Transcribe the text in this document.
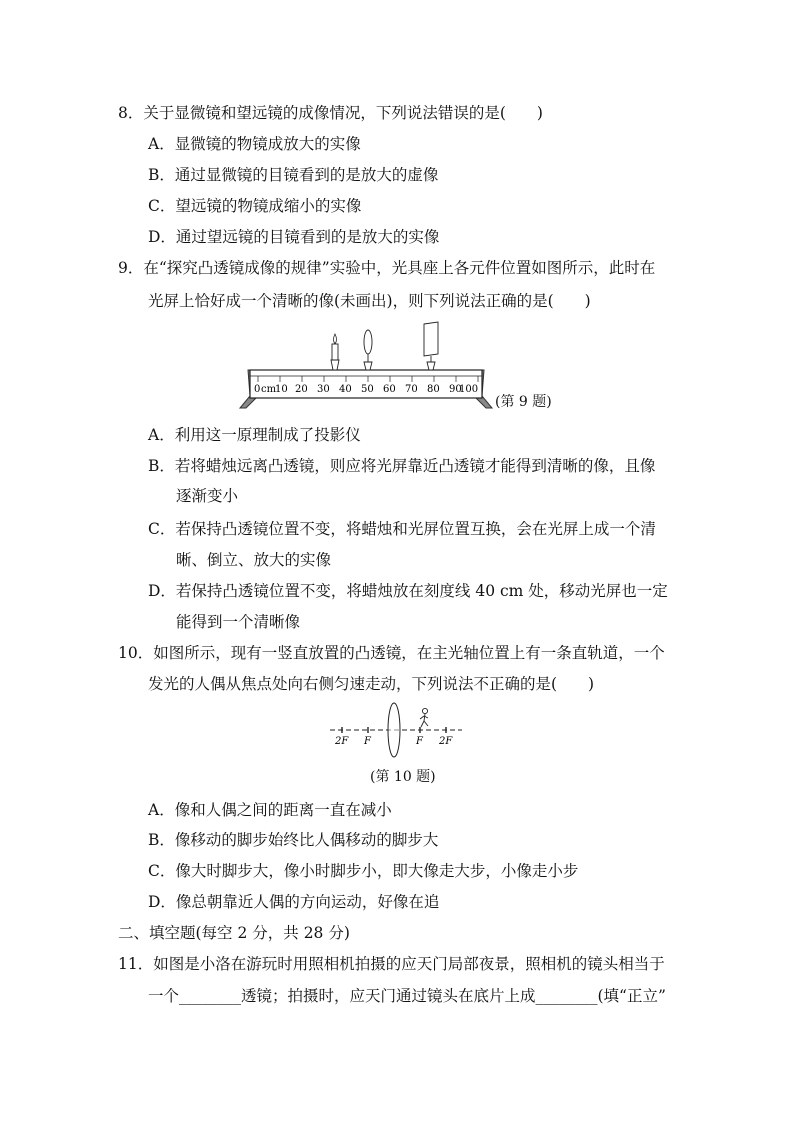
8．关于显微镜和望远镜的成像情况，下列说法错误的是(　　)
A．显微镜的物镜成放大的实像
B．通过显微镜的目镜看到的是放大的虚像
C．望远镜的物镜成缩小的实像
D．通过望远镜的目镜看到的是放大的实像
9．在“探究凸透镜成像的规律”实验中，光具座上各元件位置如图所示，此时在
光屏上恰好成一个清晰的像(未画出)，则下列说法正确的是(　　)
0 cm
10 20 30 40 50 60 70 80 90
100
(第 9 题)
A．利用这一原理制成了投影仪
B．若将蜡烛远离凸透镜，则应将光屏靠近凸透镜才能得到清晰的像，且像
逐渐变小
C．若保持凸透镜位置不变，将蜡烛和光屏位置互换，会在光屏上成一个清
晰、倒立、放大的实像
D．若保持凸透镜位置不变，将蜡烛放在刻度线 40 cm 处，移动光屏也一定
能得到一个清晰像
10．如图所示，现有一竖直放置的凸透镜，在主光轴位置上有一条直轨道，一个
发光的人偶从焦点处向右侧匀速走动，下列说法不正确的是(　　)
2F F	F 2F
(第 10 题)
A．像和人偶之间的距离一直在减小
B．像移动的脚步始终比人偶移动的脚步大
C．像大时脚步大，像小时脚步小，即大像走大步，小像走小步
D．像总朝靠近人偶的方向运动，好像在追
二、填空题(每空 2 分，共 28 分)
11．如图是小洛在游玩时用照相机拍摄的应天门局部夜景，照相机的镜头相当于
一个________透镜；拍摄时，应天门通过镜头在底片上成________(填“正立”
